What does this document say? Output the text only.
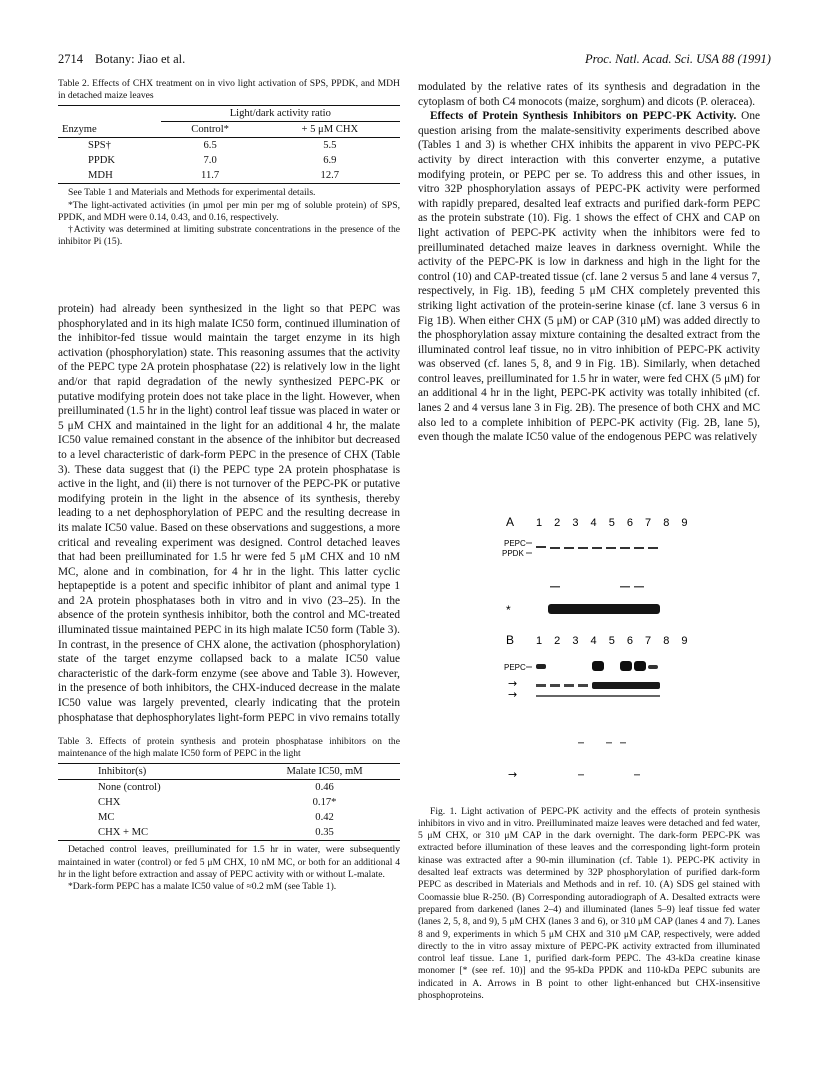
2714 Botany: Jiao et al.	Proc. Natl. Acad. Sci. USA 88 (1991)

Table 2. Effects of CHX treatment on in vivo light activation of SPS, PPDK, and MDH in detached maize leaves

	Light/dark activity ratio	
Enzyme	Control*	+ 5 μM CHX
SPS†	6.5	5.5
PPDK	7.0	6.9
MDH	11.7	12.7

See Table 1 and Materials and Methods for experimental details.

*The light-activated activities (in μmol per min per mg of soluble protein) of SPS, PPDK, and MDH were 0.14, 0.43, and 0.16, respectively.

†Activity was determined at limiting substrate concentrations in the presence of the inhibitor Pi (15).

protein) had already been synthesized in the light so that PEPC was phosphorylated and in its high malate IC50 form, continued illumination of the inhibitor-fed tissue would maintain the target enzyme in its high activation (phosphorylation) state. This reasoning assumes that the activity of the PEPC type 2A protein phosphatase (22) is relatively low in the light and/or that rapid degradation of the newly synthesized PEPC-PK or putative modifying protein does not take place in the light. However, when preilluminated (1.5 hr in the light) control leaf tissue was placed in water or 5 μM CHX and maintained in the light for an additional 4 hr, the malate IC50 value remained constant in the absence of the inhibitor but decreased to a level characteristic of dark-form PEPC in the presence of CHX (Table 3). These data suggest that (i) the PEPC type 2A protein phosphatase is active in the light, and (ii) there is not turnover of the PEPC-PK or putative modifying protein in the light in the absence of its synthesis, thereby leading to a net dephosphorylation of PEPC and the resulting decrease in its malate IC50 value. Based on these observations and suggestions, a more critical and revealing experiment was designed. Control detached leaves that had been preilluminated for 1.5 hr were fed 5 μM CHX and 10 nM MC, alone and in combination, for 4 hr in the light. This latter cyclic heptapeptide is a potent and specific inhibitor of plant and animal type 1 and 2A protein phosphatases both in vitro and in vivo (23–25). In the absence of the protein synthesis inhibitor, both the control and MC-treated illuminated tissue maintained PEPC in its high malate IC50 form (Table 3). In contrast, in the presence of CHX alone, the activation (phosphorylation) state of the target enzyme collapsed back to a malate IC50 value characteristic of the dark-form enzyme (see above and Table 3). However, in the presence of both inhibitors, the CHX-induced decrease in the malate IC50 value was largely prevented, clearly indicating that the protein phosphatase that dephosphorylates light-form PEPC in vivo remains totally

Table 3. Effects of protein synthesis and protein phosphatase inhibitors on the maintenance of the high malate IC50 form of PEPC in the light

Inhibitor(s)	Malate IC50, mM
None (control)	0.46
CHX	0.17*
MC	0.42
CHX + MC	0.35

Detached control leaves, preilluminated for 1.5 hr in water, were subsequently maintained in water (control) or fed 5 μM CHX, 10 nM MC, or both for an additional 4 hr in the light before extraction and assay of PEPC activity with or without L-malate.

*Dark-form PEPC has a malate IC50 value of ≈0.2 mM (see Table 1).

modulated by the relative rates of its synthesis and degradation in the cytoplasm of both C4 monocots (maize, sorghum) and dicots (P. oleracea).

Effects of Protein Synthesis Inhibitors on PEPC-PK Activity. One question arising from the malate-sensitivity experiments described above (Tables 1 and 3) is whether CHX inhibits the apparent in vivo PEPC-PK activity by direct interaction with this converter enzyme, a putative modifying protein, or PEPC per se. To address this and other issues, in vitro 32P phosphorylation assays of PEPC-PK activity were performed with rapidly prepared, desalted leaf extracts and purified dark-form PEPC as the protein substrate (10). Fig. 1 shows the effect of CHX and CAP on light activation of PEPC-PK activity when the inhibitors were fed to preilluminated detached maize leaves in darkness overnight. While the activity of the PEPC-PK is low in darkness and high in the light for the control (10) and CAP-treated tissue (cf. lane 2 versus 5 and lane 4 versus 7, respectively, in Fig. 1B), feeding 5 μM CHX completely prevented this striking light activation of the protein-serine kinase (cf. lane 3 versus 6 in Fig 1B). When either CHX (5 μM) or CAP (310 μM) was added directly to the phosphorylation assay mixture containing the desalted extract from the illuminated control leaf tissue, no in vitro inhibition of PEPC-PK activity was observed (cf. lanes 5, 8, and 9 in Fig. 1B). Similarly, when detached control leaves, preilluminated for 1.5 hr in water, were fed CHX (5 μM) for an additional 4 hr in the light, PEPC-PK activity was totally inhibited (cf. lanes 2 and 4 versus lane 3 in Fig. 2B). The presence of both CHX and MC also led to a complete inhibition of PEPC-PK activity (Fig. 2B, lane 5), even though the malate IC50 value of the endogenous PEPC was relatively

A 1 2 3 4 5 6 7 8 9
PEPC
PPDK
*
B 1 2 3 4 5 6 7 8 9
PEPC
→
→
→

Fig. 1. Light activation of PEPC-PK activity and the effects of protein synthesis inhibitors in vivo and in vitro. Preilluminated maize leaves were detached and fed water, 5 μM CHX, or 310 μM CAP in the dark overnight. The dark-form PEPC-PK was extracted before illumination of these leaves and the corresponding light-form protein kinase was extracted after a 90-min illumination (cf. Table 1). PEPC-PK activity in desalted leaf extracts was determined by 32P phosphorylation of purified dark-form PEPC as described in Materials and Methods and in ref. 10. (A) SDS gel stained with Coomassie blue R-250. (B) Corresponding autoradiograph of A. Desalted extracts were prepared from darkened (lanes 2–4) and illuminated (lanes 5–9) leaf tissue fed water (lanes 2, 5, 8, and 9), 5 μM CHX (lanes 3 and 6), or 310 μM CAP (lanes 4 and 7). Lanes 8 and 9, experiments in which 5 μM CHX and 310 μM CAP, respectively, were added directly to the in vitro assay mixture of PEPC-PK activity extracted from illuminated control leaf tissue. Lane 1, purified dark-form PEPC. The 43-kDa creatine kinase monomer [* (see ref. 10)] and the 95-kDa PPDK and 110-kDa PEPC subunits are indicated in A. Arrows in B point to other light-enhanced but CHX-insensitive phosphoproteins.
